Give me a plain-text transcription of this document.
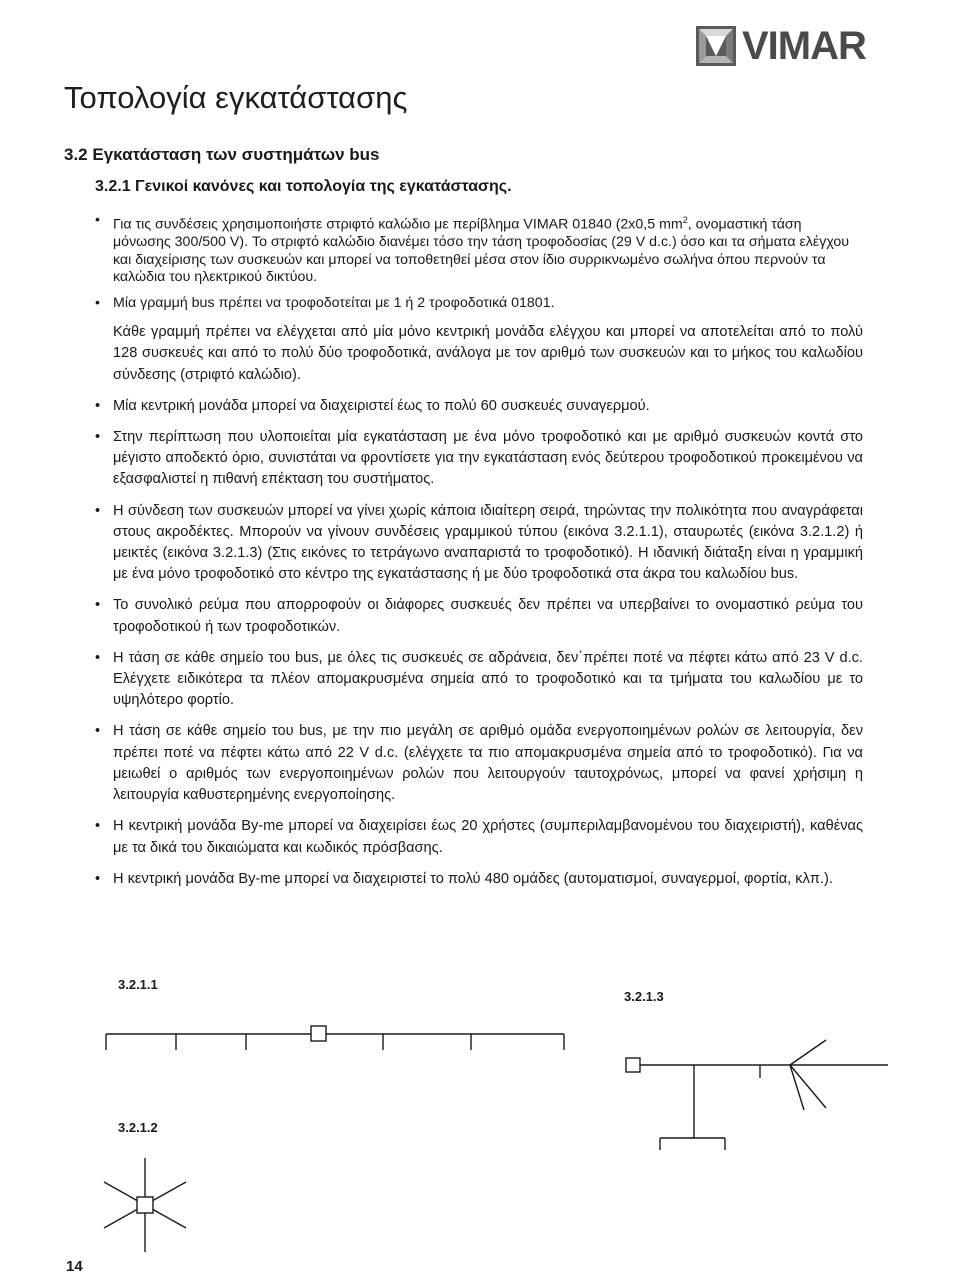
VIMAR
Τοπολογία εγκατάστασης
3.2 Εγκατάσταση των συστημάτων bus
3.2.1 Γενικοί κανόνες και τοπολογία της εγκατάστασης.

• Για τις συνδέσεις χρησιμοποιήστε στριφτό καλώδιο με περίβλημα VIMAR 01840 (2x0,5 $mm^2$, ονομαστική τάση μόνωσης 300/500 V). Το στριφτό καλώδιο διανέμει τόσο την τάση τροφοδοσίας (29 V d.c.) όσο και τα σήματα ελέγχου και διαχείρισης των συσκευών και μπορεί να τοποθετηθεί μέσα στον ίδιο συρρικνωμένο σωλήνα όπου περνούν τα καλώδια του ηλεκτρικού δικτύου.

• Μία γραμμή bus πρέπει να τροφοδοτείται με 1 ή 2 τροφοδοτικά 01801.

Κάθε γραμμή πρέπει να ελέγχεται από μία μόνο κεντρική μονάδα ελέγχου και μπορεί να αποτελείται από το πολύ 128 συσκευές και από το πολύ δύο τροφοδοτικά, ανάλογα με τον αριθμό των συσκευών και το μήκος του καλωδίου σύνδεσης (στριφτό καλώδιο).

• Μία κεντρική μονάδα μπορεί να διαχειριστεί έως το πολύ 60 συσκευές συναγερμού.

• Στην περίπτωση που υλοποιείται μία εγκατάσταση με ένα μόνο τροφοδοτικό και με αριθμό συσκευών κοντά στο μέγιστο αποδεκτό όριο, συνιστάται να φροντίσετε για την εγκατάσταση ενός δεύτερου τροφοδοτικού προκειμένου να εξασφαλιστεί η πιθανή επέκταση του συστήματος.

• Η σύνδεση των συσκευών μπορεί να γίνει χωρίς κάποια ιδιαίτερη σειρά, τηρώντας την πολικότητα που αναγράφεται στους ακροδέκτες. Μπορούν να γίνουν συνδέσεις γραμμικού τύπου (εικόνα 3.2.1.1), σταυρωτές (εικόνα 3.2.1.2) ή μεικτές (εικόνα 3.2.1.3) (Στις εικόνες το τετράγωνο αναπαριστά το τροφοδοτικό). Η ιδανική διάταξη είναι η γραμμική με ένα μόνο τροφοδοτικό στο κέντρο της εγκατάστασης ή με δύο τροφοδοτικά στα άκρα του καλωδίου bus.

• Το συνολικό ρεύμα που απορροφούν οι διάφορες συσκευές δεν πρέπει να υπερβαίνει το ονομαστικό ρεύμα του τροφοδοτικού ή των τροφοδοτικών.

• Η τάση σε κάθε σημείο του bus, με όλες τις συσκευές σε αδράνεια, δεν΄πρέπει ποτέ να πέφτει κάτω από 23 V d.c. Ελέγχετε ειδικότερα τα πλέον απομακρυσμένα σημεία από το τροφοδοτικό και τα τμήματα του καλωδίου με το υψηλότερο φορτίο.

• Η τάση σε κάθε σημείο του bus, με την πιο μεγάλη σε αριθμό ομάδα ενεργοποιημένων ρολών σε λειτουργία, δεν πρέπει ποτέ να πέφτει κάτω από 22 V d.c. (ελέγχετε τα πιο απομακρυσμένα σημεία από το τροφοδοτικό). Για να μειωθεί ο αριθμός των ενεργοποιημένων ρολών που λειτουργούν ταυτοχρόνως, μπορεί να φανεί χρήσιμη η λειτουργία καθυστερημένης ενεργοποίησης.

• Η κεντρική μονάδα By-me μπορεί να διαχειρίσει έως 20 χρήστες (συμπεριλαμβανομένου του διαχειριστή), καθένας με τα δικά του δικαιώματα και κωδικός πρόσβασης.

• Η κεντρική μονάδα By-me μπορεί να διαχειριστεί το πολύ 480 ομάδες (αυτοματισμοί, συναγερμοί, φορτία, κλπ.).

3.2.1.1

3.2.1.2

3.2.1.3

14
